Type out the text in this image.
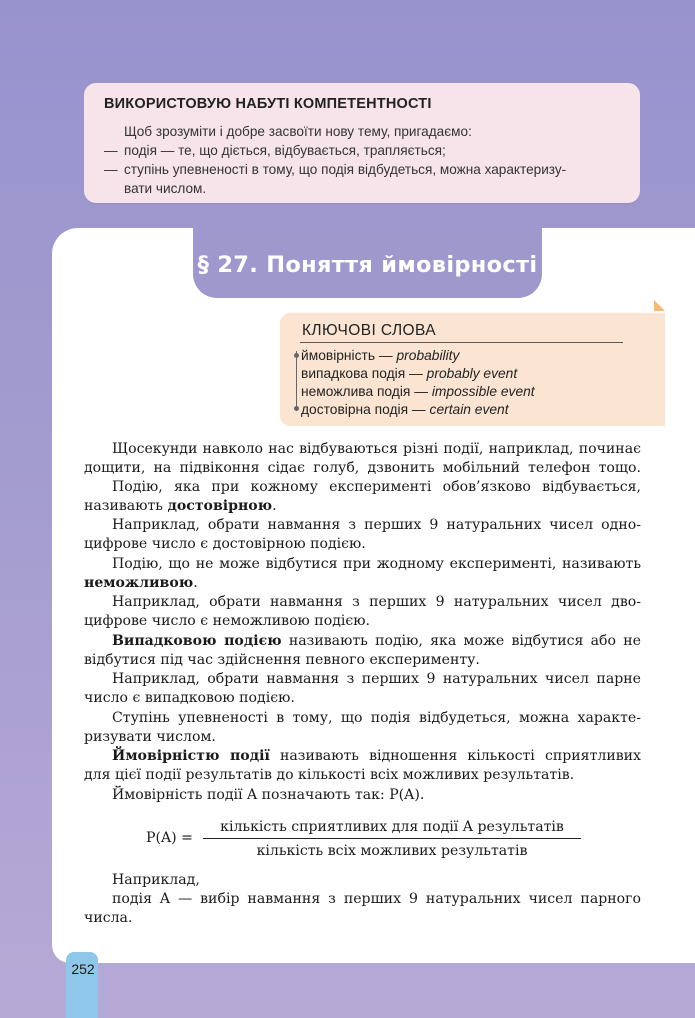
ВИКОРИСТОВУЮ НАБУТІ КОМПЕТЕНТНОСТІ
Щоб зрозуміти і добре засвоїти нову тему, пригадаємо:
— подія — те, що діється, відбувається, трапляється;
— ступінь упевненості в тому, що подія відбудеться, можна характеризу-
вати числом.
§ 27. Поняття ймовірності
КЛЮЧОВІ СЛОВА
ймовірність — probability
випадкова подія — probably event
неможлива подія — impossible event
достовірна подія — certain event
Щосекунди навколо нас відбуваються різні події, наприклад, починає
дощити, на підвіконня сідає голуб, дзвонить мобільний телефон тощо.
Подію, яка при кожному експерименті обов’язково відбувається,
називають достовірною.
Наприклад, обрати навмання з перших 9 натуральних чисел одно-
цифрове число є достовірною подією.
Подію, що не може відбутися при жодному експерименті, називають
неможливою.
Наприклад, обрати навмання з перших 9 натуральних чисел дво-
цифрове число є неможливою подією.
Випадковою подією називають подію, яка може відбутися або не
відбутися під час здійснення певного експерименту.
Наприклад, обрати навмання з перших 9 натуральних чисел парне
число є випадковою подією.
Ступінь упевненості в тому, що подія відбудеться, можна характе-
ризувати числом.
Ймовірністю події називають відношення кількості сприятливих
для цієї події результатів до кількості всіх можливих результатів.
Ймовірність події A позначають так: P(A).
P(A) =
кількість сприятливих для події A результатів
кількість всіх можливих результатів
Наприклад,
подія A — вибір навмання з перших 9 натуральних чисел парного
числа.
252
